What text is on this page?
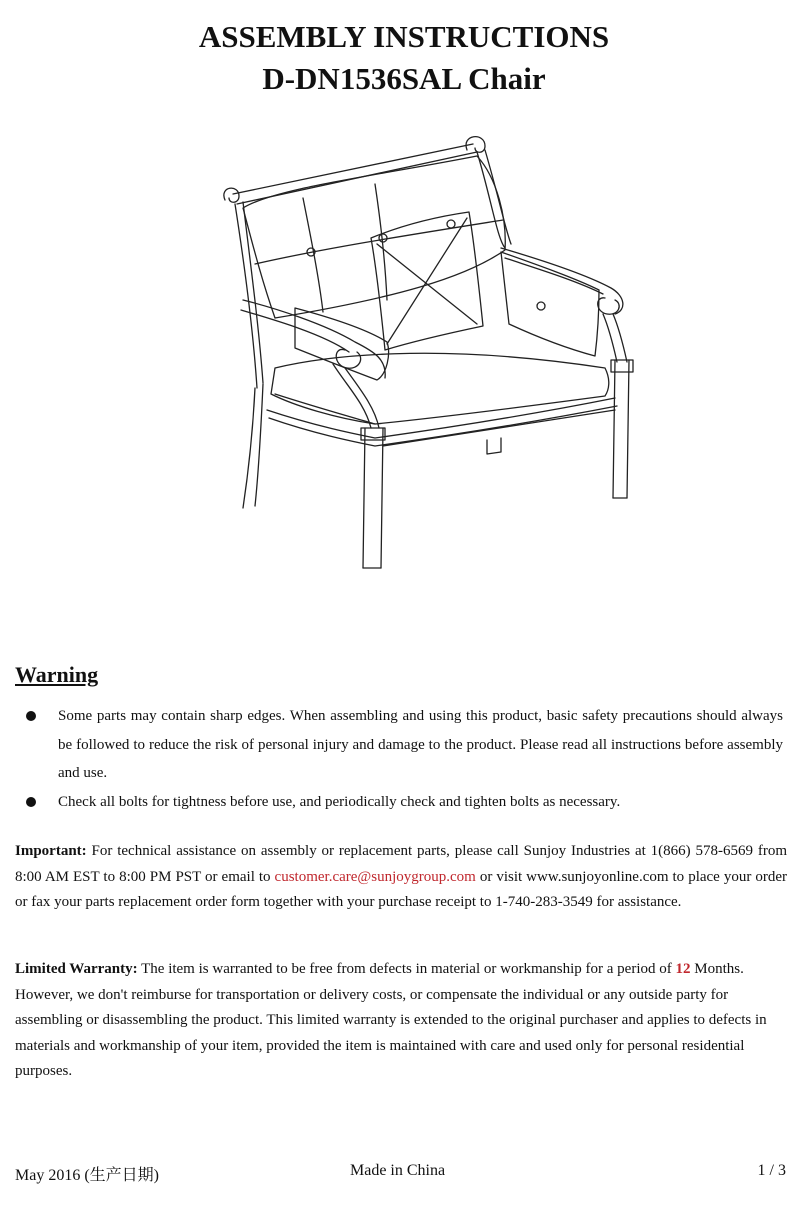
ASSEMBLY INSTRUCTIONS
D-DN1536SAL Chair
Warning
Some parts may contain sharp edges. When assembling and using this product, basic safety precautions should always be followed to reduce the risk of personal injury and damage to the product. Please read all instructions before assembly and use.
Check all bolts for tightness before use, and periodically check and tighten bolts as necessary.

Important: For technical assistance on assembly or replacement parts, please call Sunjoy Industries at 1(866) 578-6569 from 8:00 AM EST to 8:00 PM PST or email to customer.care@sunjoygroup.com or visit www.sunjoyonline.com to place your order or fax your parts replacement order form together with your purchase receipt to 1-740-283-3549 for assistance.

Limited Warranty: The item is warranted to be free from defects in material or workmanship for a period of 12 Months. However, we don't reimburse for transportation or delivery costs, or compensate the individual or any outside party for assembling or disassembling the product. This limited warranty is extended to the original purchaser and applies to defects in materials and workmanship of your item, provided the item is maintained with care and used only for personal residential purposes.

May 2016 (生产日期)	Made in China	1 / 3
